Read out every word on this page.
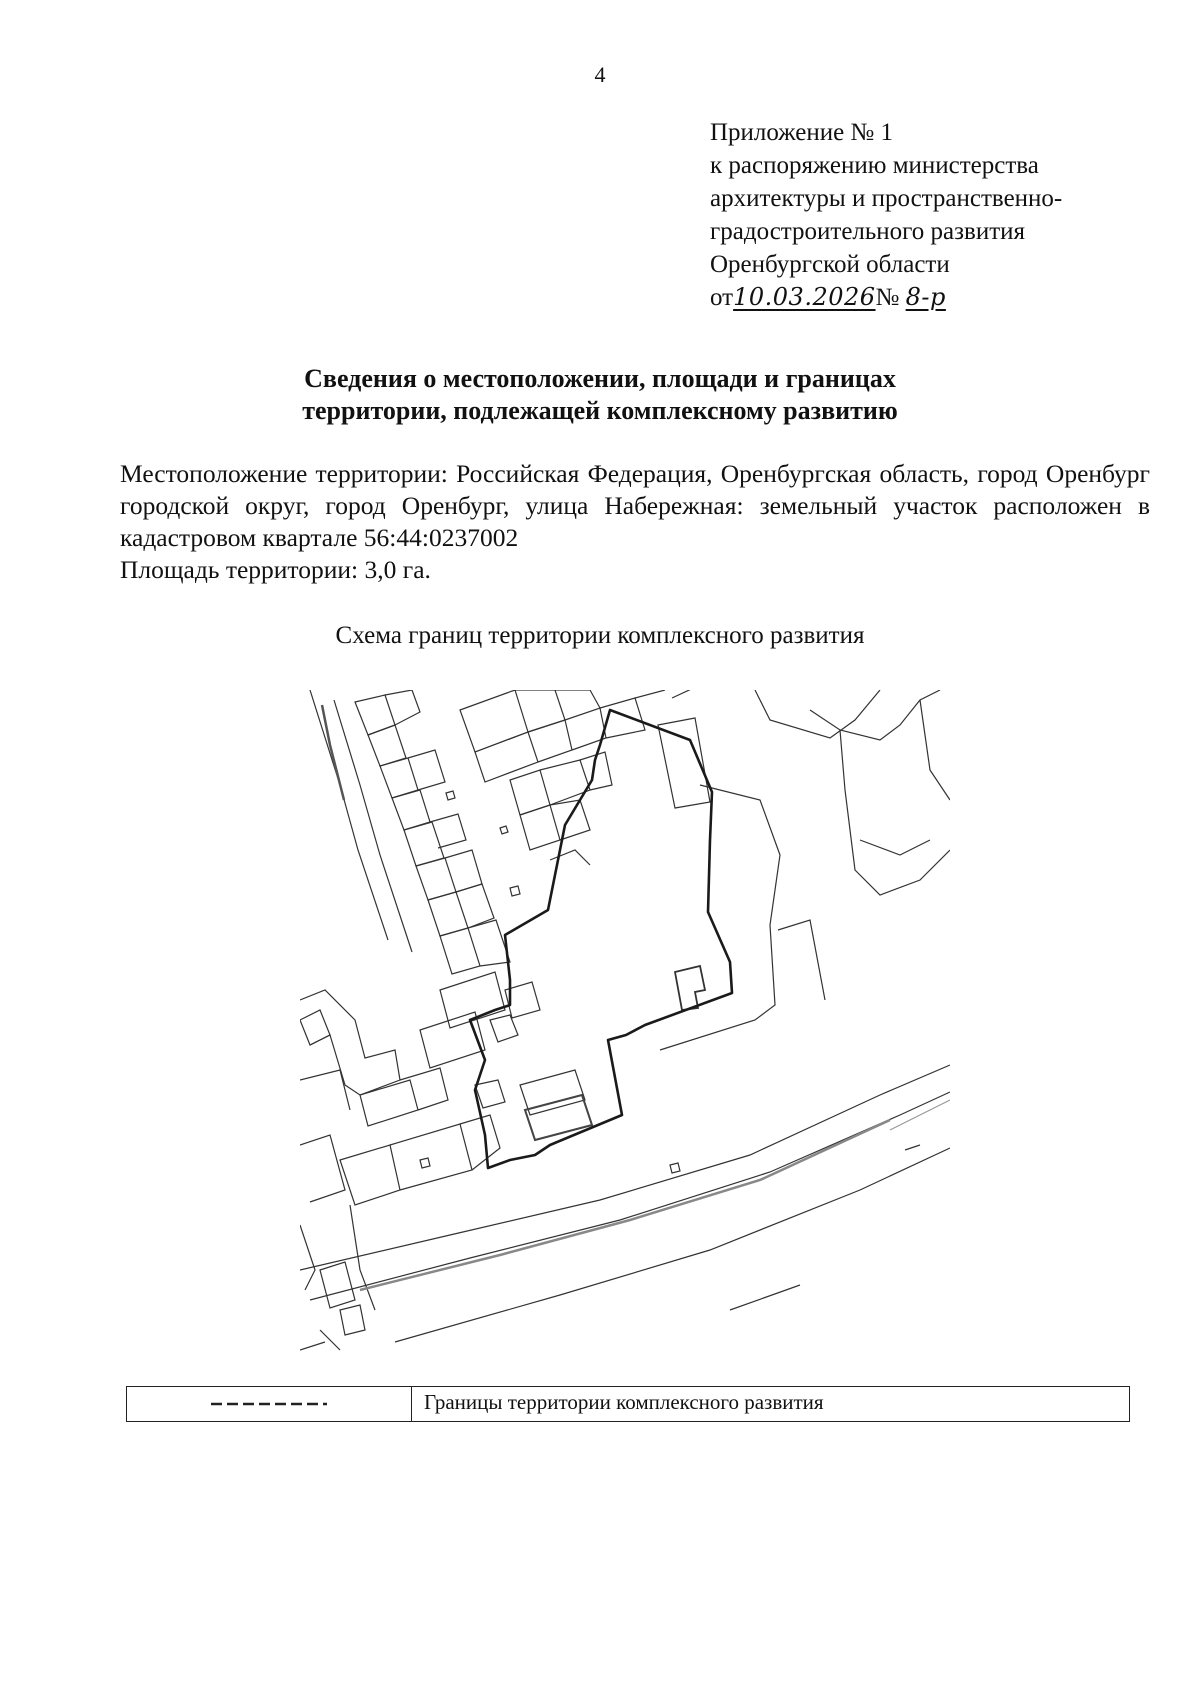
4
Приложение № 1
к распоряжению министерства
архитектуры и пространственно-
градостроительного развития
Оренбургской области
от10.03.2026№ 8-р
Сведения о местоположении, площади и границах
территории, подлежащей комплексному развитию

Местоположение территории: Российская Федерация, Оренбургская область, город Оренбург городской округ, город Оренбург, улица Набережная: земельный участок расположен в кадастровом квартале 56:44:0237002

Площадь территории: 3,0 га.

Схема границ территории комплексного развития
Границы территории комплексного развития
